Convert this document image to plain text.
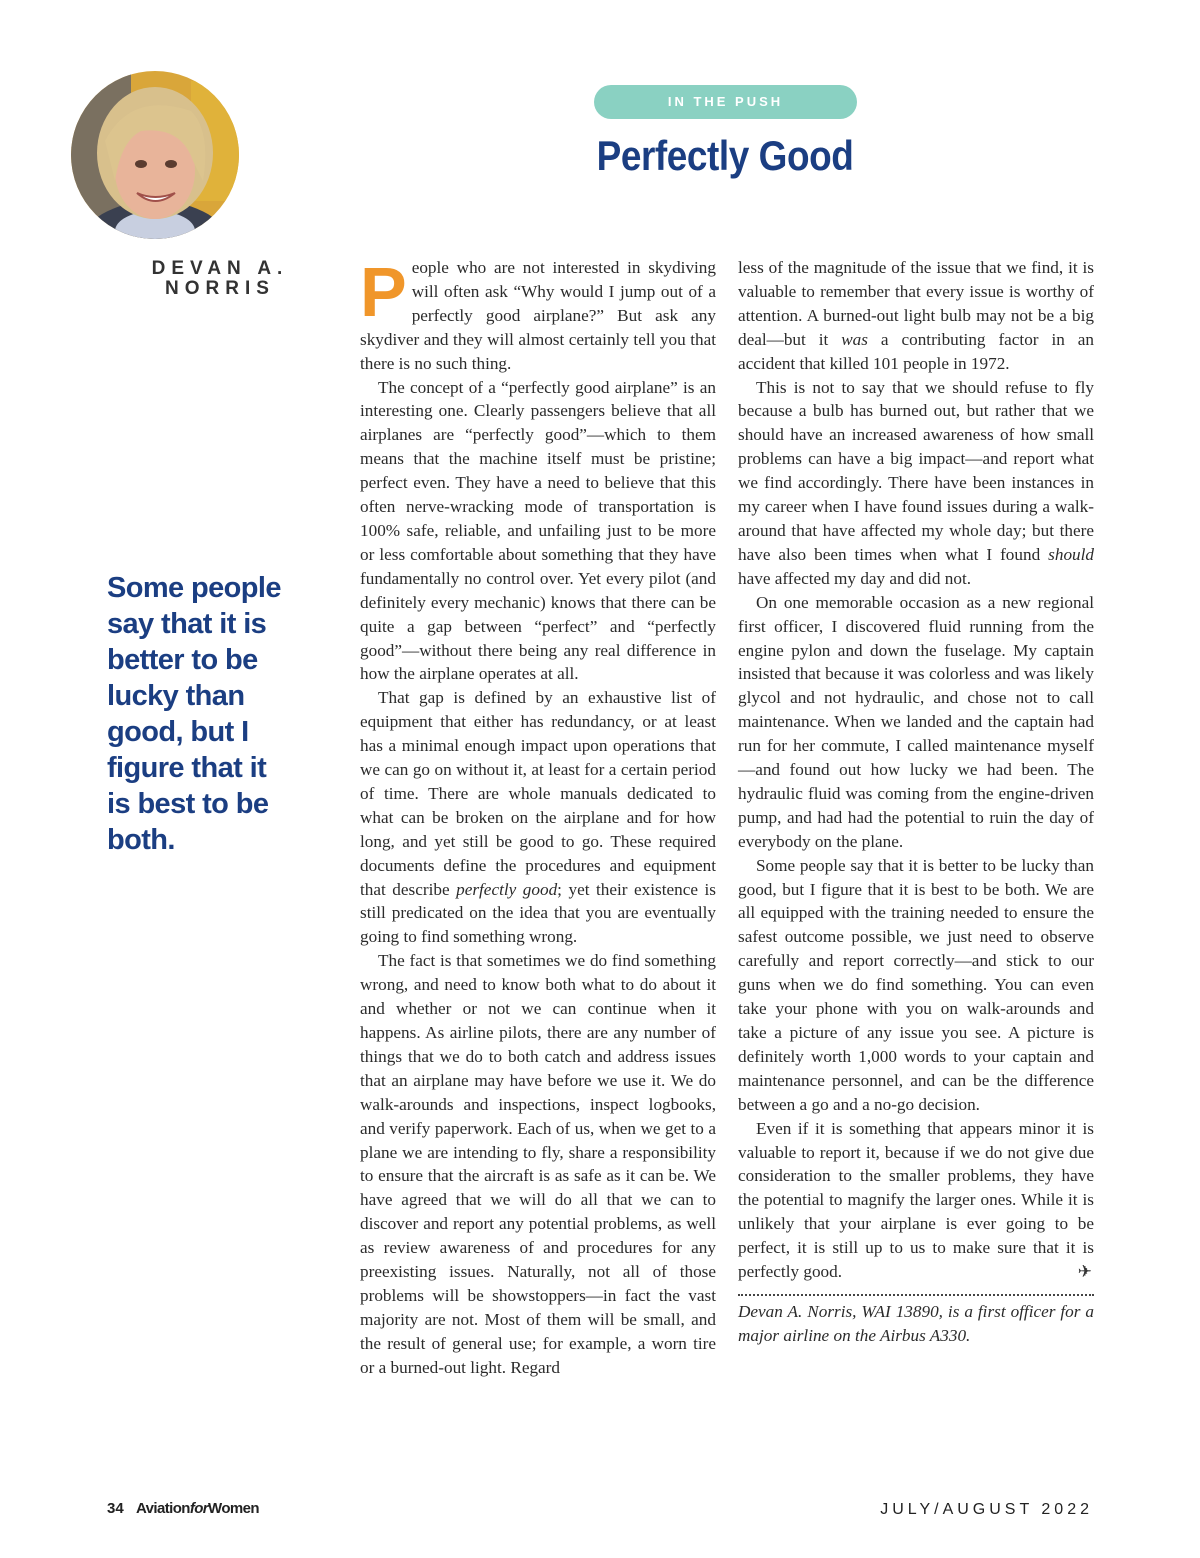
DEVAN A.
NORRIS
IN THE PUSH
Perfectly Good

Some people say that it is better to be lucky than good, but I figure that it is best to be both.

People who are not interested in skydiving will often ask “Why would I jump out of a perfectly good airplane?” But ask any skydiver and they will almost certainly tell you that there is no such thing.

The concept of a “perfectly good airplane” is an interesting one. Clearly passengers believe that all airplanes are “perfectly good”—which to them means that the machine itself must be pristine; perfect even. They have a need to believe that this often nerve-wracking mode of transportation is 100% safe, reliable, and unfailing just to be more or less comfortable about something that they have fundamentally no control over. Yet every pilot (and definitely every mechanic) knows that there can be quite a gap between “perfect” and “perfectly good”—without there being any real difference in how the airplane operates at all.

That gap is defined by an exhaustive list of equipment that either has redundancy, or at least has a minimal enough impact upon operations that we can go on without it, at least for a certain period of time. There are whole manuals dedicated to what can be broken on the airplane and for how long, and yet still be good to go. These required documents define the procedures and equipment that describe perfectly good; yet their existence is still predicated on the idea that you are eventually going to find something wrong.

The fact is that sometimes we do find something wrong, and need to know both what to do about it and whether or not we can continue when it happens. As airline pilots, there are any number of things that we do to both catch and address issues that an airplane may have before we use it. We do walk-arounds and inspections, inspect logbooks, and verify paperwork. Each of us, when we get to a plane we are intending to fly, share a responsibility to ensure that the aircraft is as safe as it can be. We have agreed that we will do all that we can to discover and report any potential problems, as well as review awareness of and procedures for any preexisting issues. Naturally, not all of those problems will be showstoppers—in fact the vast majority are not. Most of them will be small, and the result of general use; for example, a worn tire or a burned-out light. Regard

less of the magnitude of the issue that we find, it is valuable to remember that every issue is worthy of attention. A burned-out light bulb may not be a big deal—but it was a contributing factor in an accident that killed 101 people in 1972.

This is not to say that we should refuse to fly because a bulb has burned out, but rather that we should have an increased awareness of how small problems can have a big impact—and report what we find accordingly. There have been instances in my career when I have found issues during a walk-around that have affected my whole day; but there have also been times when what I found should have affected my day and did not.

On one memorable occasion as a new regional first officer, I discovered fluid running from the engine pylon and down the fuselage. My captain insisted that because it was colorless and was likely glycol and not hydraulic, and chose not to call maintenance. When we landed and the captain had run for her commute, I called maintenance myself—and found out how lucky we had been. The hydraulic fluid was coming from the engine-driven pump, and had had the potential to ruin the day of everybody on the plane.

Some people say that it is better to be lucky than good, but I figure that it is best to be both. We are all equipped with the training needed to ensure the safest outcome possible, we just need to observe carefully and report correctly—and stick to our guns when we do find something. You can even take your phone with you on walk-arounds and take a picture of any issue you see. A picture is definitely worth 1,000 words to your captain and maintenance personnel, and can be the difference between a go and a no-go decision.

Even if it is something that appears minor it is valuable to report it, because if we do not give due consideration to the smaller problems, they have the potential to magnify the larger ones. While it is unlikely that your airplane is ever going to be perfect, it is still up to us to make sure that it is perfectly good.	✈

Devan A. Norris, WAI 13890, is a first officer for a major airline on the Airbus A330.

34 AviationforWomen	JULY/AUGUST 2022
